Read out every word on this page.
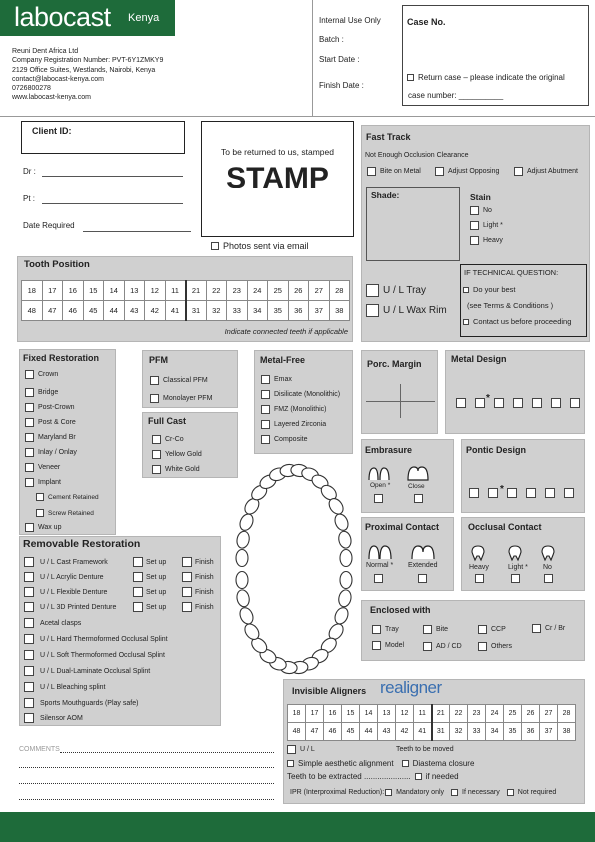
labocast Kenya
Reuni Dent Africa Ltd
Company Registration Number: PVT-6Y1ZMKY9
2129 Office Suites, Westlands, Nairobi, Kenya
contact@labocast-kenya.com
0726800278
www.labocast-kenya.com
Internal Use Only
Batch :
Start Date :
Finish Date :
Case No.
Return case – please indicate the original
case number: __________
Client ID:
Dr :
Pt :
Date Required
To be returned to us, stamped
STAMP
Photos sent via email
Tooth Position
18	17	16	15	14	13	12	11	21	22	23	24	25	26	27	28
48	47	46	45	44	43	42	41	31	32	33	34	35	36	37	38
Indicate connected teeth if applicable
Fast Track
Not Enough Occlusion Clearance
Bite on Metal	Adjust Opposing	Adjust Abutment
Shade:	Stain
No
Light *
Heavy
U / L Tray
U / L Wax Rim
IF TECHNICAL QUESTION:
Do your best
(see Terms & Conditions )
Contact us before proceeding
Fixed Restoration
Crown
Bridge
Post-Crown
Post & Core
Maryland Br
Inlay / Onlay
Veneer
Implant
Cement Retained
Screw Retained
Wax up
PFM
Classical PFM
Monolayer PFM
Full Cast
Cr-Co
Yellow Gold
White Gold
Metal-Free
Emax
Disilicate (Monolithic)
FMZ (Monolithic)
Layered Zirconia
Composite
Porc. Margin	Metal Design
*
Embrasure
Open *	Close
Pontic Design
*
Proximal Contact
Normal * Extended
Occlusal Contact
Heavy	Light * No
Removable Restoration
U / L Cast Framework	Set up	Finish
U / L Acrylic Denture	Set up	Finish
U / L Flexible Denture	Set up	Finish
U / L 3D Printed Denture	Set up	Finish
Acetal clasps
U / L Hard Thermoformed Occlusal Splint
U / L Soft Thermoformed Occlusal Splint
U / L Dual-Laminate Occlusal Splint
U / L Bleaching splint
Sports Mouthguards (Play safe)
Silensor AOM
Enclosed with
Tray	Bite	CCP	Cr / Br
Model	AD / CD	Others
Invisible Aligners realigner
18	17	16	15	14	13	12	11	21	22	23	24	25	26	27	28
48	47	46	45	44	43	42	41	31	32	33	34	35	36	37	38
U / L	Teeth to be moved
Simple aesthetic alignment Diastema closure
Teeth to be extracted ..................... if needed
IPR (Interproximal Reduction): Mandatory only	If necessary	Not required
COMMENTS
